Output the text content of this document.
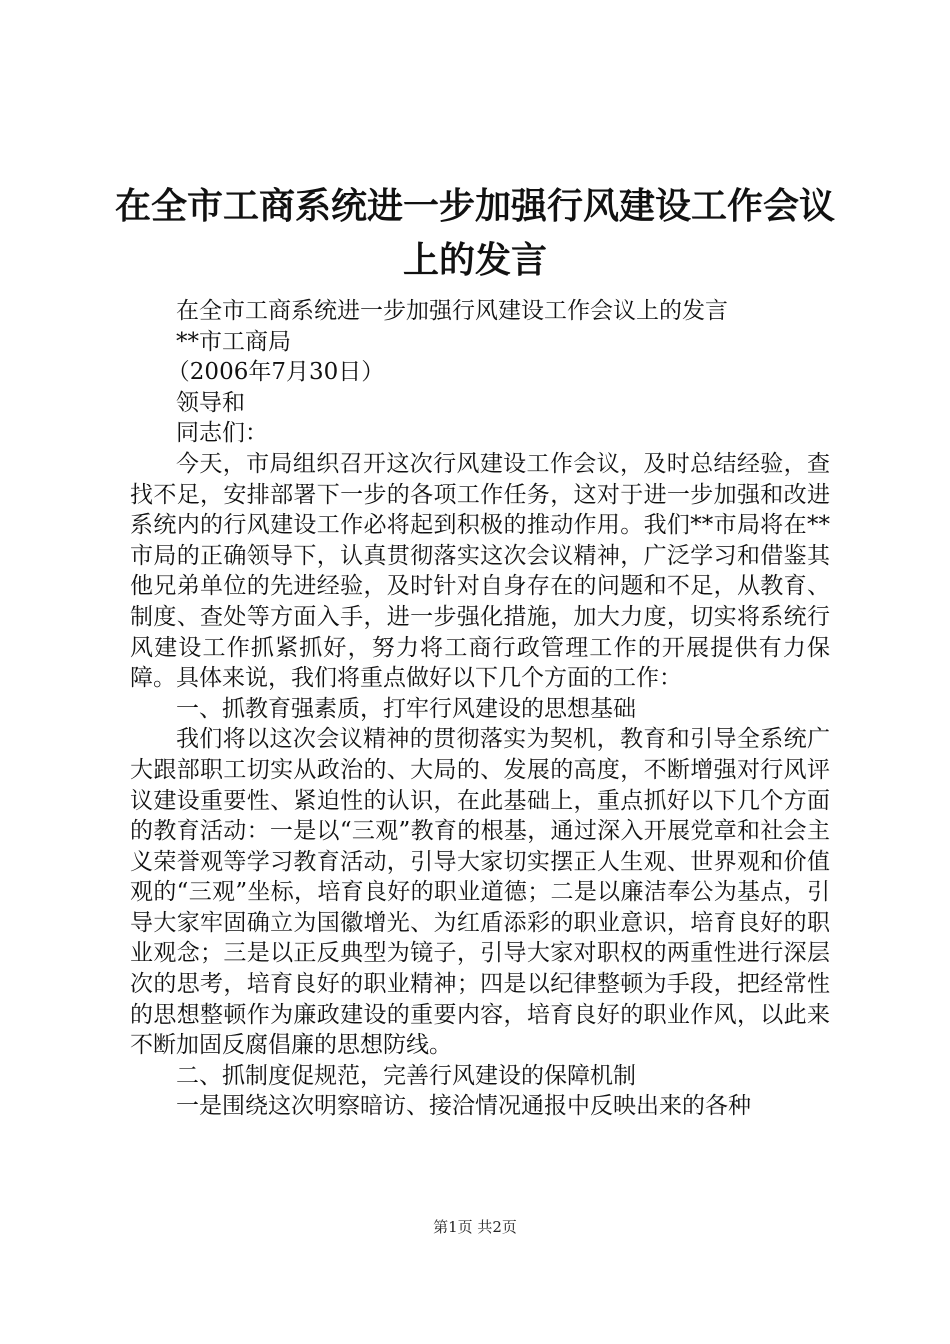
在全市工商系统进一步加强行风建设工作会议
上的发言

在全市工商系统进一步加强行风建设工作会议上的发言

**市工商局

（2006年7月30日）

领导和

同志们：

今天，市局组织召开这次行风建设工作会议，及时总结经验，查找不足，安排部署下一步的各项工作任务，这对于进一步加强和改进系统内的行风建设工作必将起到积极的推动作用。我们**市局将在**市局的正确领导下，认真贯彻落实这次会议精神，广泛学习和借鉴其他兄弟单位的先进经验，及时针对自身存在的问题和不足，从教育、制度、查处等方面入手，进一步强化措施，加大力度，切实将系统行风建设工作抓紧抓好，努力将工商行政管理工作的开展提供有力保障。具体来说，我们将重点做好以下几个方面的工作：

一、抓教育强素质，打牢行风建设的思想基础

我们将以这次会议精神的贯彻落实为契机，教育和引导全系统广大跟部职工切实从政治的、大局的、发展的高度，不断增强对行风评议建设重要性、紧迫性的认识，在此基础上，重点抓好以下几个方面的教育活动：一是以“三观”教育的根基，通过深入开展党章和社会主义荣誉观等学习教育活动，引导大家切实摆正人生观、世界观和价值观的“三观”坐标，培育良好的职业道德；二是以廉洁奉公为基点，引导大家牢固确立为国徽增光、为红盾添彩的职业意识，培育良好的职业观念；三是以正反典型为镜子，引导大家对职权的两重性进行深层次的思考，培育良好的职业精神；四是以纪律整顿为手段，把经常性的思想整顿作为廉政建设的重要内容，培育良好的职业作风，以此来不断加固反腐倡廉的思想防线。

二、抓制度促规范，完善行风建设的保障机制

一是围绕这次明察暗访、接洽情况通报中反映出来的各种

第1页 共2页
